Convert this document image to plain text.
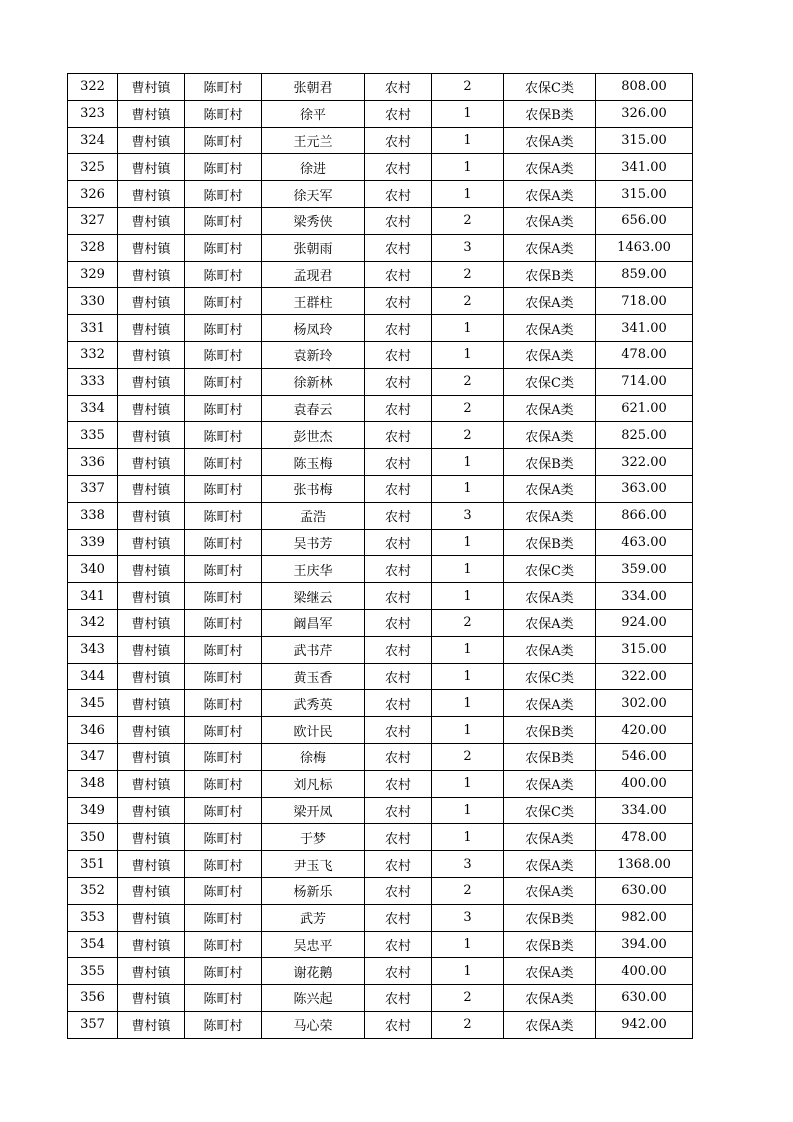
322	曹村镇	陈町村	张朝君	农村	2	农保C类	808.00
323	曹村镇	陈町村	徐平	农村	1	农保B类	326.00
324	曹村镇	陈町村	王元兰	农村	1	农保A类	315.00
325	曹村镇	陈町村	徐进	农村	1	农保A类	341.00
326	曹村镇	陈町村	徐天军	农村	1	农保A类	315.00
327	曹村镇	陈町村	梁秀侠	农村	2	农保A类	656.00
328	曹村镇	陈町村	张朝雨	农村	3	农保A类	1463.00
329	曹村镇	陈町村	孟现君	农村	2	农保B类	859.00
330	曹村镇	陈町村	王群柱	农村	2	农保A类	718.00
331	曹村镇	陈町村	杨凤玲	农村	1	农保A类	341.00
332	曹村镇	陈町村	袁新玲	农村	1	农保A类	478.00
333	曹村镇	陈町村	徐新林	农村	2	农保C类	714.00
334	曹村镇	陈町村	袁春云	农村	2	农保A类	621.00
335	曹村镇	陈町村	彭世杰	农村	2	农保A类	825.00
336	曹村镇	陈町村	陈玉梅	农村	1	农保B类	322.00
337	曹村镇	陈町村	张书梅	农村	1	农保A类	363.00
338	曹村镇	陈町村	孟浩	农村	3	农保A类	866.00
339	曹村镇	陈町村	吴书芳	农村	1	农保B类	463.00
340	曹村镇	陈町村	王庆华	农村	1	农保C类	359.00
341	曹村镇	陈町村	梁继云	农村	1	农保A类	334.00
342	曹村镇	陈町村	阚昌军	农村	2	农保A类	924.00
343	曹村镇	陈町村	武书芹	农村	1	农保A类	315.00
344	曹村镇	陈町村	黄玉香	农村	1	农保C类	322.00
345	曹村镇	陈町村	武秀英	农村	1	农保A类	302.00
346	曹村镇	陈町村	欧计民	农村	1	农保B类	420.00
347	曹村镇	陈町村	徐梅	农村	2	农保B类	546.00
348	曹村镇	陈町村	刘凡标	农村	1	农保A类	400.00
349	曹村镇	陈町村	梁开凤	农村	1	农保C类	334.00
350	曹村镇	陈町村	于梦	农村	1	农保A类	478.00
351	曹村镇	陈町村	尹玉飞	农村	3	农保A类	1368.00
352	曹村镇	陈町村	杨新乐	农村	2	农保A类	630.00
353	曹村镇	陈町村	武芳	农村	3	农保B类	982.00
354	曹村镇	陈町村	吴忠平	农村	1	农保B类	394.00
355	曹村镇	陈町村	谢花鹅	农村	1	农保A类	400.00
356	曹村镇	陈町村	陈兴起	农村	2	农保A类	630.00
357	曹村镇	陈町村	马心荣	农村	2	农保A类	942.00
